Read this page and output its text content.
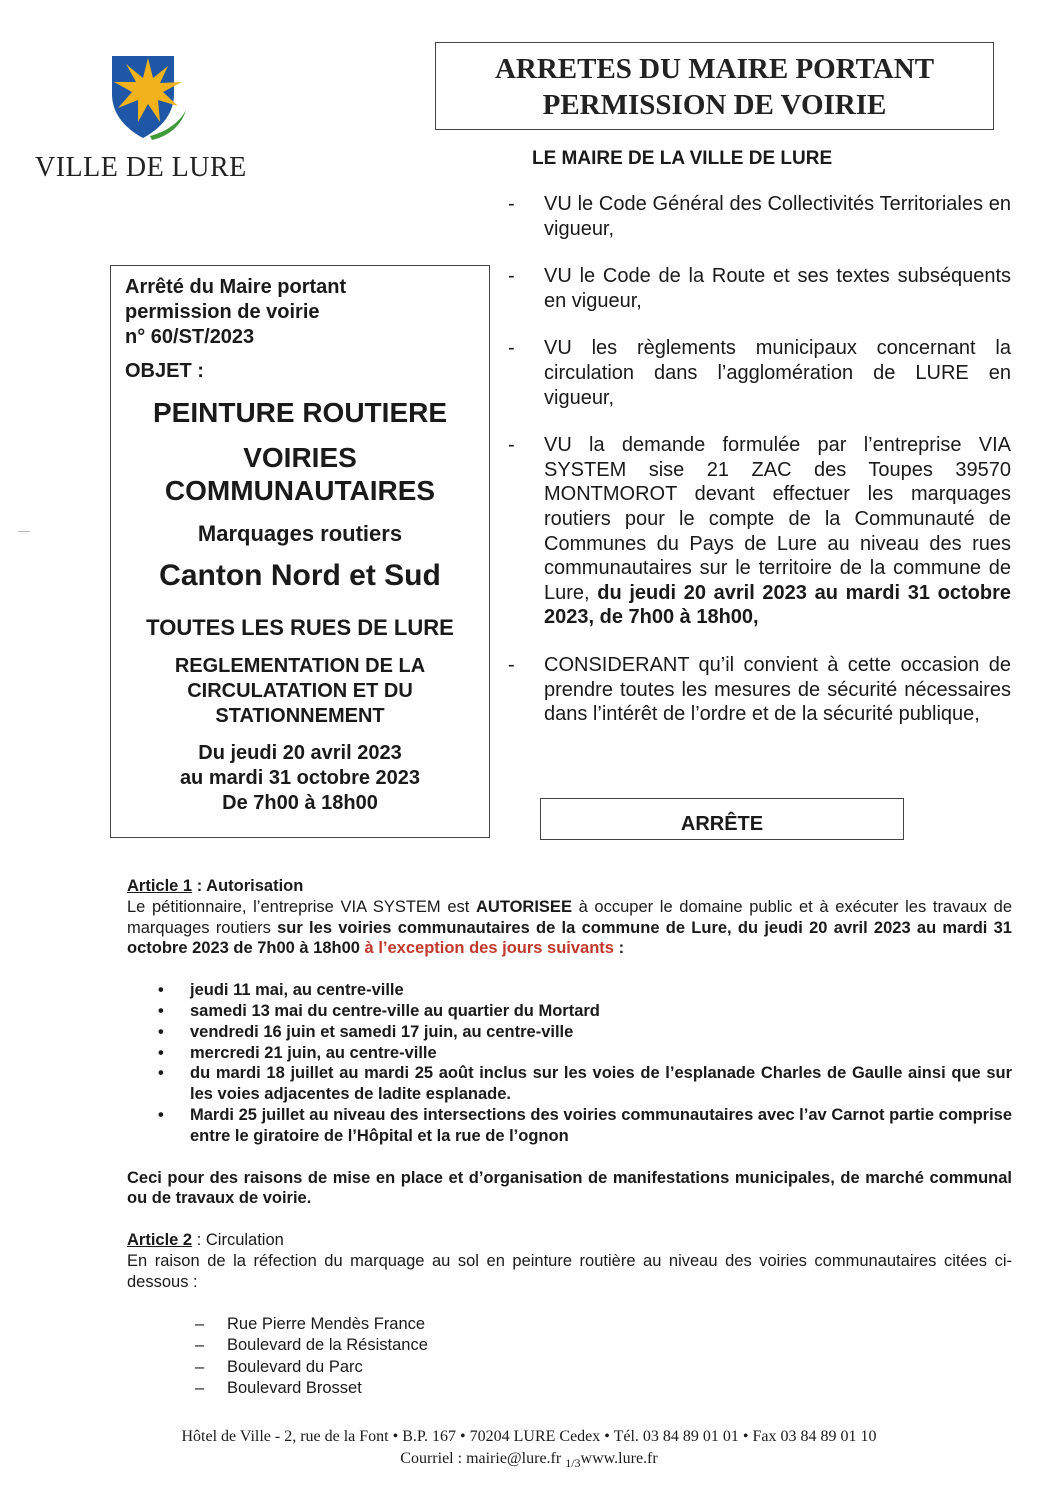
VILLE DE LURE
ARRETES DU MAIRE PORTANT
PERMISSION DE VOIRIE
LE MAIRE DE LA VILLE DE LURE
- VU le Code Général des Collectivités Territoriales en vigueur,
- VU le Code de la Route et ses textes subséquents en vigueur,
- VU les règlements municipaux concernant la circulation dans l’agglomération de LURE en vigueur,
- VU la demande formulée par l’entreprise VIA SYSTEM sise 21 ZAC des Toupes 39570 MONTMOROT devant effectuer les marquages routiers pour le compte de la Communauté de Communes du Pays de Lure au niveau des rues communautaires sur le territoire de la commune de Lure, du jeudi 20 avril 2023 au mardi 31 octobre 2023, de 7h00 à 18h00,
- CONSIDERANT qu’il convient à cette occasion de prendre toutes les mesures de sécurité nécessaires dans l’intérêt de l’ordre et de la sécurité publique,
Arrêté du Maire portant
permission de voirie
n° 60/ST/2023
OBJET :
PEINTURE ROUTIERE
VOIRIES
COMMUNAUTAIRES
Marquages routiers
Canton Nord et Sud
TOUTES LES RUES DE LURE
REGLEMENTATION DE LA
CIRCULATATION ET DU
STATIONNEMENT
Du jeudi 20 avril 2023
au mardi 31 octobre 2023
De 7h00 à 18h00
ARRÊTE
Article 1 : Autorisation
Le pétitionnaire, l’entreprise VIA SYSTEM est AUTORISEE à occuper le domaine public et à exécuter les travaux de marquages routiers sur les voiries communautaires de la commune de Lure, du jeudi 20 avril 2023 au mardi 31 octobre 2023 de 7h00 à 18h00 à l’exception des jours suivants :
• jeudi 11 mai, au centre-ville
• samedi 13 mai du centre-ville au quartier du Mortard
• vendredi 16 juin et samedi 17 juin, au centre-ville
• mercredi 21 juin, au centre-ville
• du mardi 18 juillet au mardi 25 août inclus sur les voies de l’esplanade Charles de Gaulle ainsi que sur les voies adjacentes de ladite esplanade.
• Mardi 25 juillet au niveau des intersections des voiries communautaires avec l’av Carnot partie comprise entre le giratoire de l’Hôpital et la rue de l’ognon
Ceci pour des raisons de mise en place et d’organisation de manifestations municipales, de marché communal ou de travaux de voirie.
Article 2 : Circulation
En raison de la réfection du marquage au sol en peinture routière au niveau des voiries communautaires citées ci-dessous :
– Rue Pierre Mendès France
– Boulevard de la Résistance
– Boulevard du Parc
– Boulevard Brosset
Hôtel de Ville - 2, rue de la Font • B.P. 167 • 70204 LURE Cedex • Tél. 03 84 89 01 01 • Fax 03 84 89 01 10
Courriel : mairie@lure.fr $_{1/3}$www.lure.fr
